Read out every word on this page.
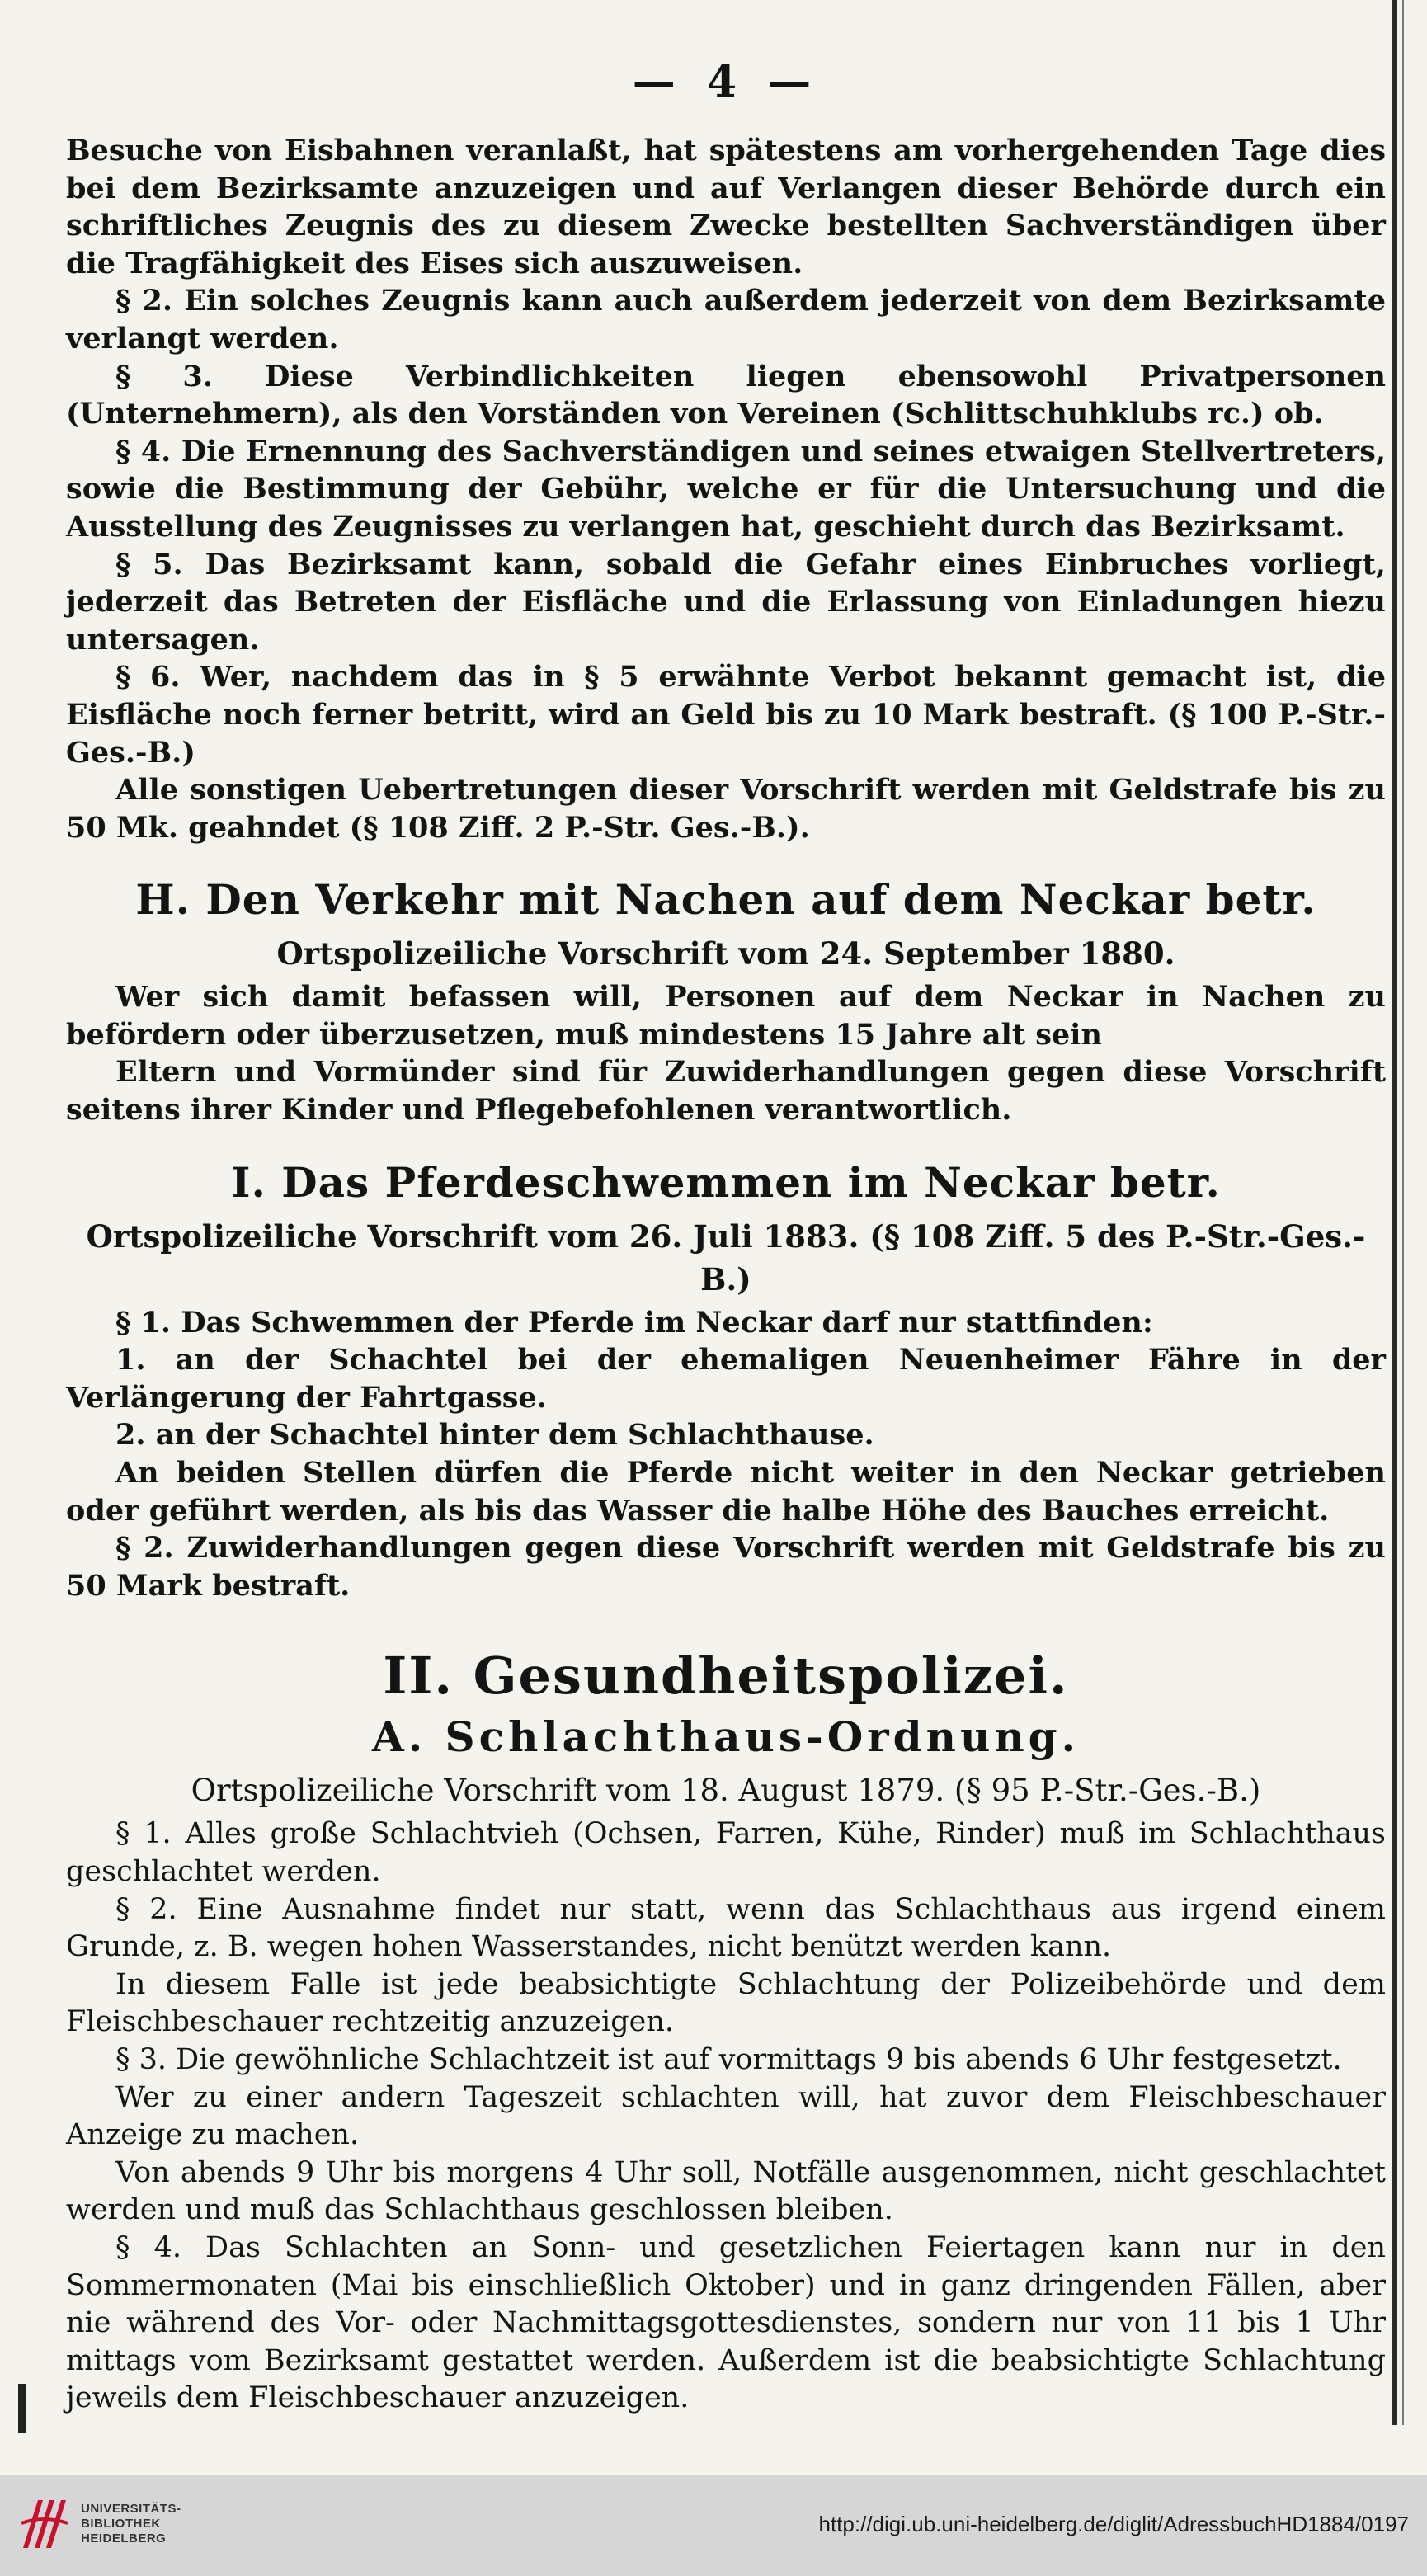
— 4 —

Besuche von Eisbahnen veranlaßt, hat spätestens am vorhergehenden Tage dies bei dem Bezirksamte anzuzeigen und auf Verlangen dieser Behörde durch ein schriftliches Zeugnis des zu diesem Zwecke bestellten Sachverständigen über die Tragfähigkeit des Eises sich auszuweisen.

§ 2. Ein solches Zeugnis kann auch außerdem jederzeit von dem Bezirksamte verlangt werden.

§ 3. Diese Verbindlichkeiten liegen ebensowohl Privatpersonen (Unternehmern), als den Vorständen von Vereinen (Schlittschuhklubs rc.) ob.

§ 4. Die Ernennung des Sachverständigen und seines etwaigen Stellvertreters, sowie die Bestimmung der Gebühr, welche er für die Untersuchung und die Ausstellung des Zeugnisses zu verlangen hat, geschieht durch das Bezirksamt.

§ 5. Das Bezirksamt kann, sobald die Gefahr eines Einbruches vorliegt, jederzeit das Betreten der Eisfläche und die Erlassung von Einladungen hiezu untersagen.

§ 6. Wer, nachdem das in § 5 erwähnte Verbot bekannt gemacht ist, die Eisfläche noch ferner betritt, wird an Geld bis zu 10 Mark bestraft. (§ 100 P.-Str.-Ges.-B.)

Alle sonstigen Uebertretungen dieser Vorschrift werden mit Geldstrafe bis zu 50 Mk. geahndet (§ 108 Ziff. 2 P.-Str. Ges.-B.).

H. Den Verkehr mit Nachen auf dem Neckar betr.

Ortspolizeiliche Vorschrift vom 24. September 1880.

Wer sich damit befassen will, Personen auf dem Neckar in Nachen zu befördern oder überzusetzen, muß mindestens 15 Jahre alt sein

Eltern und Vormünder sind für Zuwiderhandlungen gegen diese Vorschrift seitens ihrer Kinder und Pflegebefohlenen verantwortlich.

I. Das Pferdeschwemmen im Neckar betr.

Ortspolizeiliche Vorschrift vom 26. Juli 1883. (§ 108 Ziff. 5 des P.-Str.-Ges.-B.)

§ 1. Das Schwemmen der Pferde im Neckar darf nur stattfinden:

1. an der Schachtel bei der ehemaligen Neuenheimer Fähre in der Verlängerung der Fahrtgasse.

2. an der Schachtel hinter dem Schlachthause.

An beiden Stellen dürfen die Pferde nicht weiter in den Neckar getrieben oder geführt werden, als bis das Wasser die halbe Höhe des Bauches erreicht.

§ 2. Zuwiderhandlungen gegen diese Vorschrift werden mit Geldstrafe bis zu 50 Mark bestraft.

II. Gesundheitspolizei.
A. Schlachthaus-Ordnung.

Ortspolizeiliche Vorschrift vom 18. August 1879. (§ 95 P.-Str.-Ges.-B.)

§ 1. Alles große Schlachtvieh (Ochsen, Farren, Kühe, Rinder) muß im Schlachthaus geschlachtet werden.

§ 2. Eine Ausnahme findet nur statt, wenn das Schlachthaus aus irgend einem Grunde, z. B. wegen hohen Wasserstandes, nicht benützt werden kann.

In diesem Falle ist jede beabsichtigte Schlachtung der Polizeibehörde und dem Fleischbeschauer rechtzeitig anzuzeigen.

§ 3. Die gewöhnliche Schlachtzeit ist auf vormittags 9 bis abends 6 Uhr festgesetzt.

Wer zu einer andern Tageszeit schlachten will, hat zuvor dem Fleischbeschauer Anzeige zu machen.

Von abends 9 Uhr bis morgens 4 Uhr soll, Notfälle ausgenommen, nicht geschlachtet werden und muß das Schlachthaus geschlossen bleiben.

§ 4. Das Schlachten an Sonn- und gesetzlichen Feiertagen kann nur in den Sommermonaten (Mai bis einschließlich Oktober) und in ganz dringenden Fällen, aber nie während des Vor- oder Nachmittagsgottesdienstes, sondern nur von 11 bis 1 Uhr mittags vom Bezirksamt gestattet werden. Außerdem ist die beabsichtigte Schlachtung jeweils dem Fleischbeschauer anzuzeigen.

UNIVERSITÄTS-
BIBLIOTHEK
HEIDELBERG
http://digi.ub.uni-heidelberg.de/diglit/AdressbuchHD1884/0197
